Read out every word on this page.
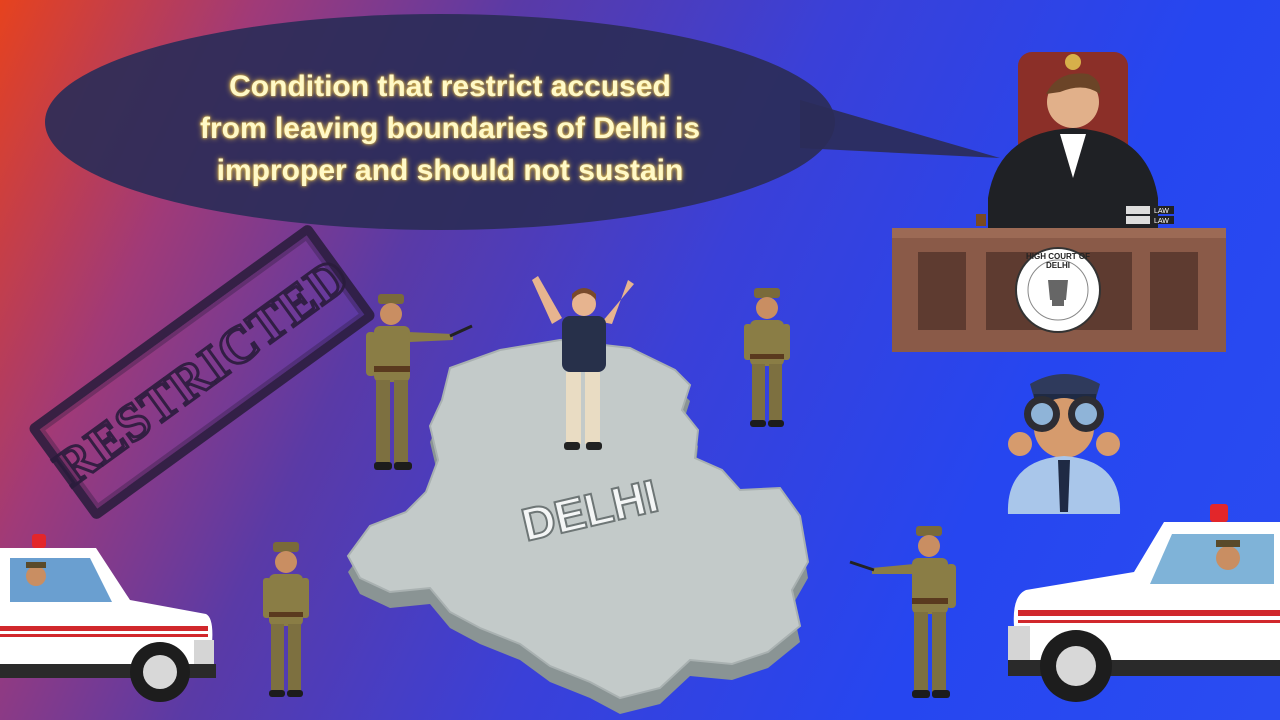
Condition that restrict accused
from leaving boundaries of Delhi is
improper and should not sustain
RESTRICTED
DELHI
LAW
LAW
HIGH COURT OF DELHI
